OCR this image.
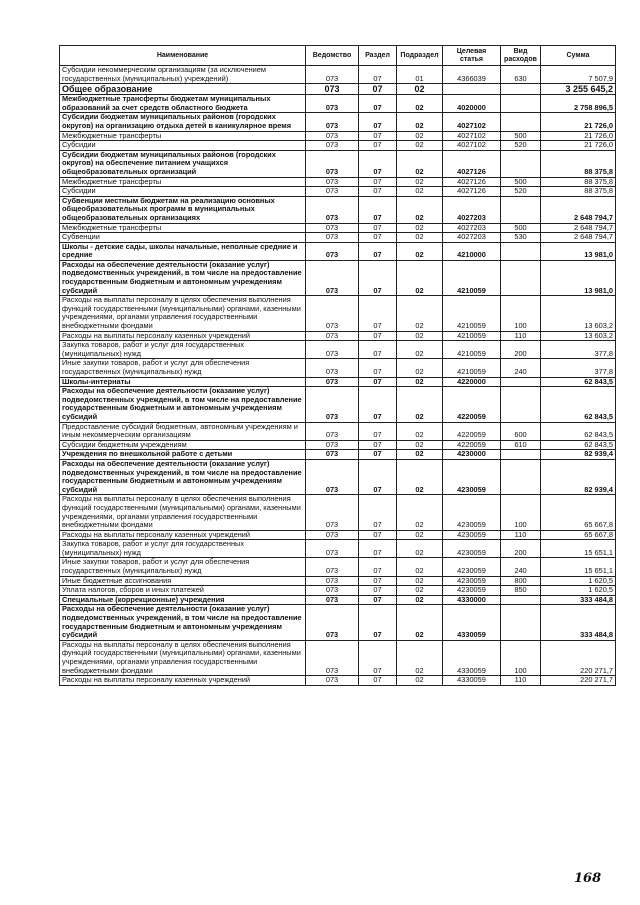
Наименование	Ведомство	Раздел	Подраздел	Целевая статья	Вид расходов	Сумма
Субсидии некоммерческим организациям (за исключением государственных (муниципальных) учреждений)	073	07	01	4366039	630	7 507,9
Общее образование	073	07	02			3 255 645,2
Межбюджетные трансферты бюджетам муниципальных образований за счет средств областного бюджета	073	07	02	4020000		2 758 896,5
Субсидии бюджетам муниципальных районов (городских округов) на организацию отдыха детей в каникулярное время	073	07	02	4027102		21 726,0
Межбюджетные трансферты	073	07	02	4027102	500	21 726,0
Субсидии	073	07	02	4027102	520	21 726,0
Субсидии бюджетам муниципальных районов (городских округов) на обеспечение питанием учащихся общеобразовательных организаций	073	07	02	4027126		88 375,8
Межбюджетные трансферты	073	07	02	4027126	500	88 375,8
Субсидии	073	07	02	4027126	520	88 375,8
Субвенции местным бюджетам на реализацию основных общеобразовательных программ в муниципальных общеобразовательных организациях	073	07	02	4027203		2 648 794,7
Межбюджетные трансферты	073	07	02	4027203	500	2 648 794,7
Субвенции	073	07	02	4027203	530	2 648 794,7
Школы - детские сады, школы начальные, неполные средние и средние	073	07	02	4210000		13 981,0
Расходы на обеспечение деятельности (оказание услуг) подведомственных учреждений, в том числе на предоставление государственным бюджетным и автономным учреждениям субсидий	073	07	02	4210059		13 981,0
Расходы на выплаты персоналу в целях обеспечения выполнения функций государственными (муниципальными) органами, казенными учреждениями, органами управления государственными внебюджетными фондами	073	07	02	4210059	100	13 603,2
Расходы на выплаты персоналу казенных учреждений	073	07	02	4210059	110	13 603,2
Закупка товаров, работ и услуг для государственных (муниципальных) нужд	073	07	02	4210059	200	377,8
Иные закупки товаров, работ и услуг для обеспечения государственных (муниципальных) нужд	073	07	02	4210059	240	377,8
Школы-интернаты	073	07	02	4220000		62 843,5
Расходы на обеспечение деятельности (оказание услуг) подведомственных учреждений, в том числе на предоставление государственным бюджетным и автономным учреждениям субсидий	073	07	02	4220059		62 843,5
Предоставление субсидий бюджетным, автономным учреждениям и иным некоммерческим организациям	073	07	02	4220059	600	62 843,5
Субсидии бюджетным учреждениям	073	07	02	4220059	610	62 843,5
Учреждения по внешкольной работе с детьми	073	07	02	4230000		82 939,4
Расходы на обеспечение деятельности (оказание услуг) подведомственных учреждений, в том числе на предоставление государственным бюджетным и автономным учреждениям субсидий	073	07	02	4230059		82 939,4
Расходы на выплаты персоналу в целях обеспечения выполнения функций государственными (муниципальными) органами, казенными учреждениями, органами управления государственными внебюджетными фондами	073	07	02	4230059	100	65 667,8
Расходы на выплаты персоналу казенных учреждений	073	07	02	4230059	110	65 667,8
Закупка товаров, работ и услуг для государственных (муниципальных) нужд	073	07	02	4230059	200	15 651,1
Иные закупки товаров, работ и услуг для обеспечения государственных (муниципальных) нужд	073	07	02	4230059	240	15 651,1
Иные бюджетные ассигнования	073	07	02	4230059	800	1 620,5
Уплата налогов, сборов и иных платежей	073	07	02	4230059	850	1 620,5
Специальные (коррекционные) учреждения	073	07	02	4330000		333 484,8
Расходы на обеспечение деятельности (оказание услуг) подведомственных учреждений, в том числе на предоставление государственным бюджетным и автономным учреждениям субсидий	073	07	02	4330059		333 484,8
Расходы на выплаты персоналу в целях обеспечения выполнения функций государственными (муниципальными) органами, казенными учреждениями, органами управления государственными внебюджетными фондами	073	07	02	4330059	100	220 271,7
Расходы на выплаты персоналу казенных учреждений	073	07	02	4330059	110	220 271,7
168
